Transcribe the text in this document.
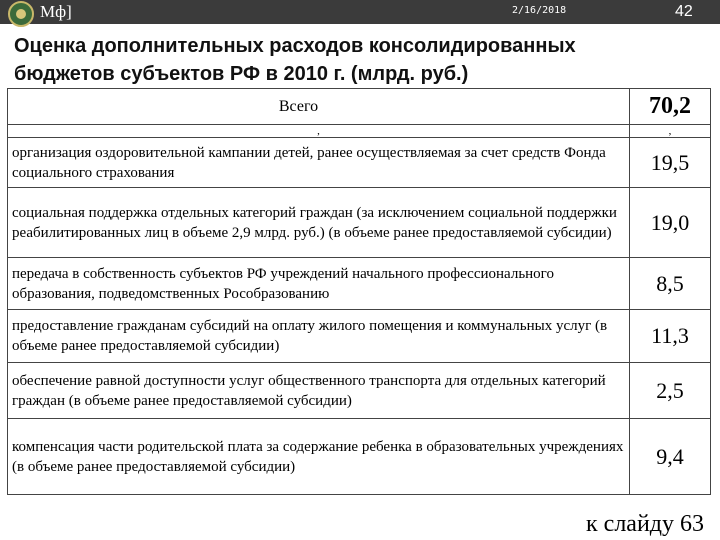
Мф]	2/16/2018	42
Оценка дополнительных расходов консолидированных
бюджетов субъектов РФ в 2010 г. (млрд. руб.)
Всего	70,2
,	,
организация оздоровительной кампании детей, ранее осуществляемая за счет средств Фонда социального страхования	19,5
социальная поддержка отдельных категорий граждан (за исключением социальной поддержки реабилитированных лиц в объеме 2,9 млрд. руб.) (в объеме ранее предоставляемой субсидии)	19,0
передача в собственность субъектов РФ учреждений начального профессионального образования, подведомственных Рособразованию	8,5
предоставление гражданам субсидий на оплату жилого помещения и коммунальных услуг (в объеме ранее предоставляемой субсидии)	11,3
обеспечение равной доступности услуг общественного транспорта для отдельных категорий граждан (в объеме ранее предоставляемой субсидии)	2,5
компенсация части родительской плата за содержание ребенка в образовательных учреждениях (в объеме ранее предоставляемой субсидии)	9,4
к слайду 63
